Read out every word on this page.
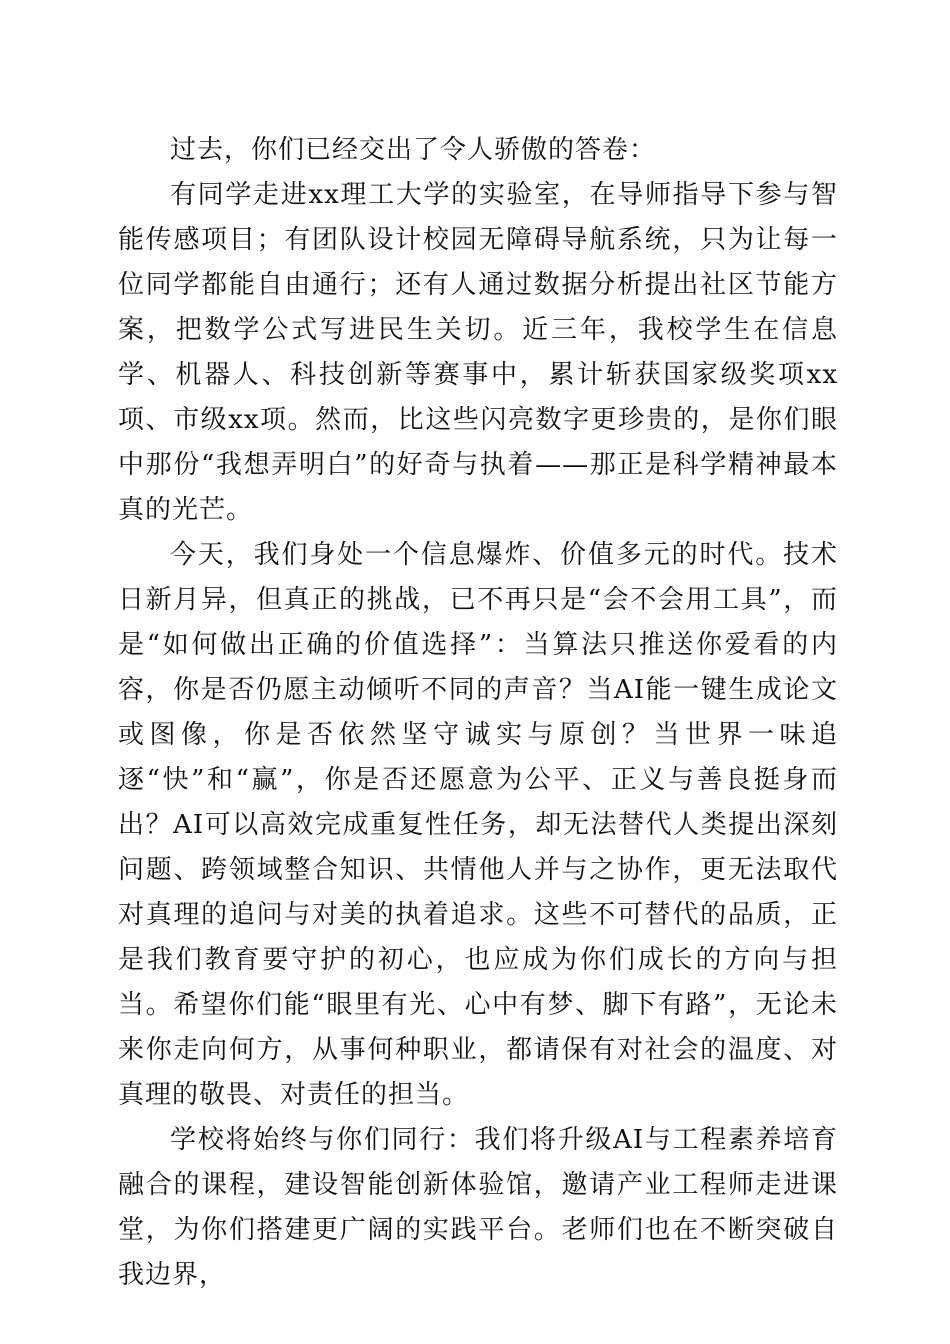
过去，你们已经交出了令人骄傲的答卷：

有同学走进xx理工大学的实验室，在导师指导下参与智能传感项目；有团队设计校园无障碍导航系统，只为让每一位同学都能自由通行；还有人通过数据分析提出社区节能方案，把数学公式写进民生关切。近三年，我校学生在信息学、机器人、科技创新等赛事中，累计斩获国家级奖项xx项、市级xx项。然而，比这些闪亮数字更珍贵的，是你们眼中那份“我想弄明白”的好奇与执着——那正是科学精神最本真的光芒。

今天，我们身处一个信息爆炸、价值多元的时代。技术日新月异，但真正的挑战，已不再只是“会不会用工具”，而是“如何做出正确的价值选择”：当算法只推送你爱看的内容，你是否仍愿主动倾听不同的声音？当AI能一键生成论文或图像，你是否依然坚守诚实与原创？当世界一味追逐“快”和“赢”，你是否还愿意为公平、正义与善良挺身而出？AI可以高效完成重复性任务，却无法替代人类提出深刻问题、跨领域整合知识、共情他人并与之协作，更无法取代对真理的追问与对美的执着追求。这些不可替代的品质，正是我们教育要守护的初心，也应成为你们成长的方向与担当。希望你们能“眼里有光、心中有梦、脚下有路”，无论未来你走向何方，从事何种职业，都请保有对社会的温度、对真理的敬畏、对责任的担当。

学校将始终与你们同行：我们将升级AI与工程素养培育融合的课程，建设智能创新体验馆，邀请产业工程师走进课堂，为你们搭建更广阔的实践平台。老师们也在不断突破自我边界，
